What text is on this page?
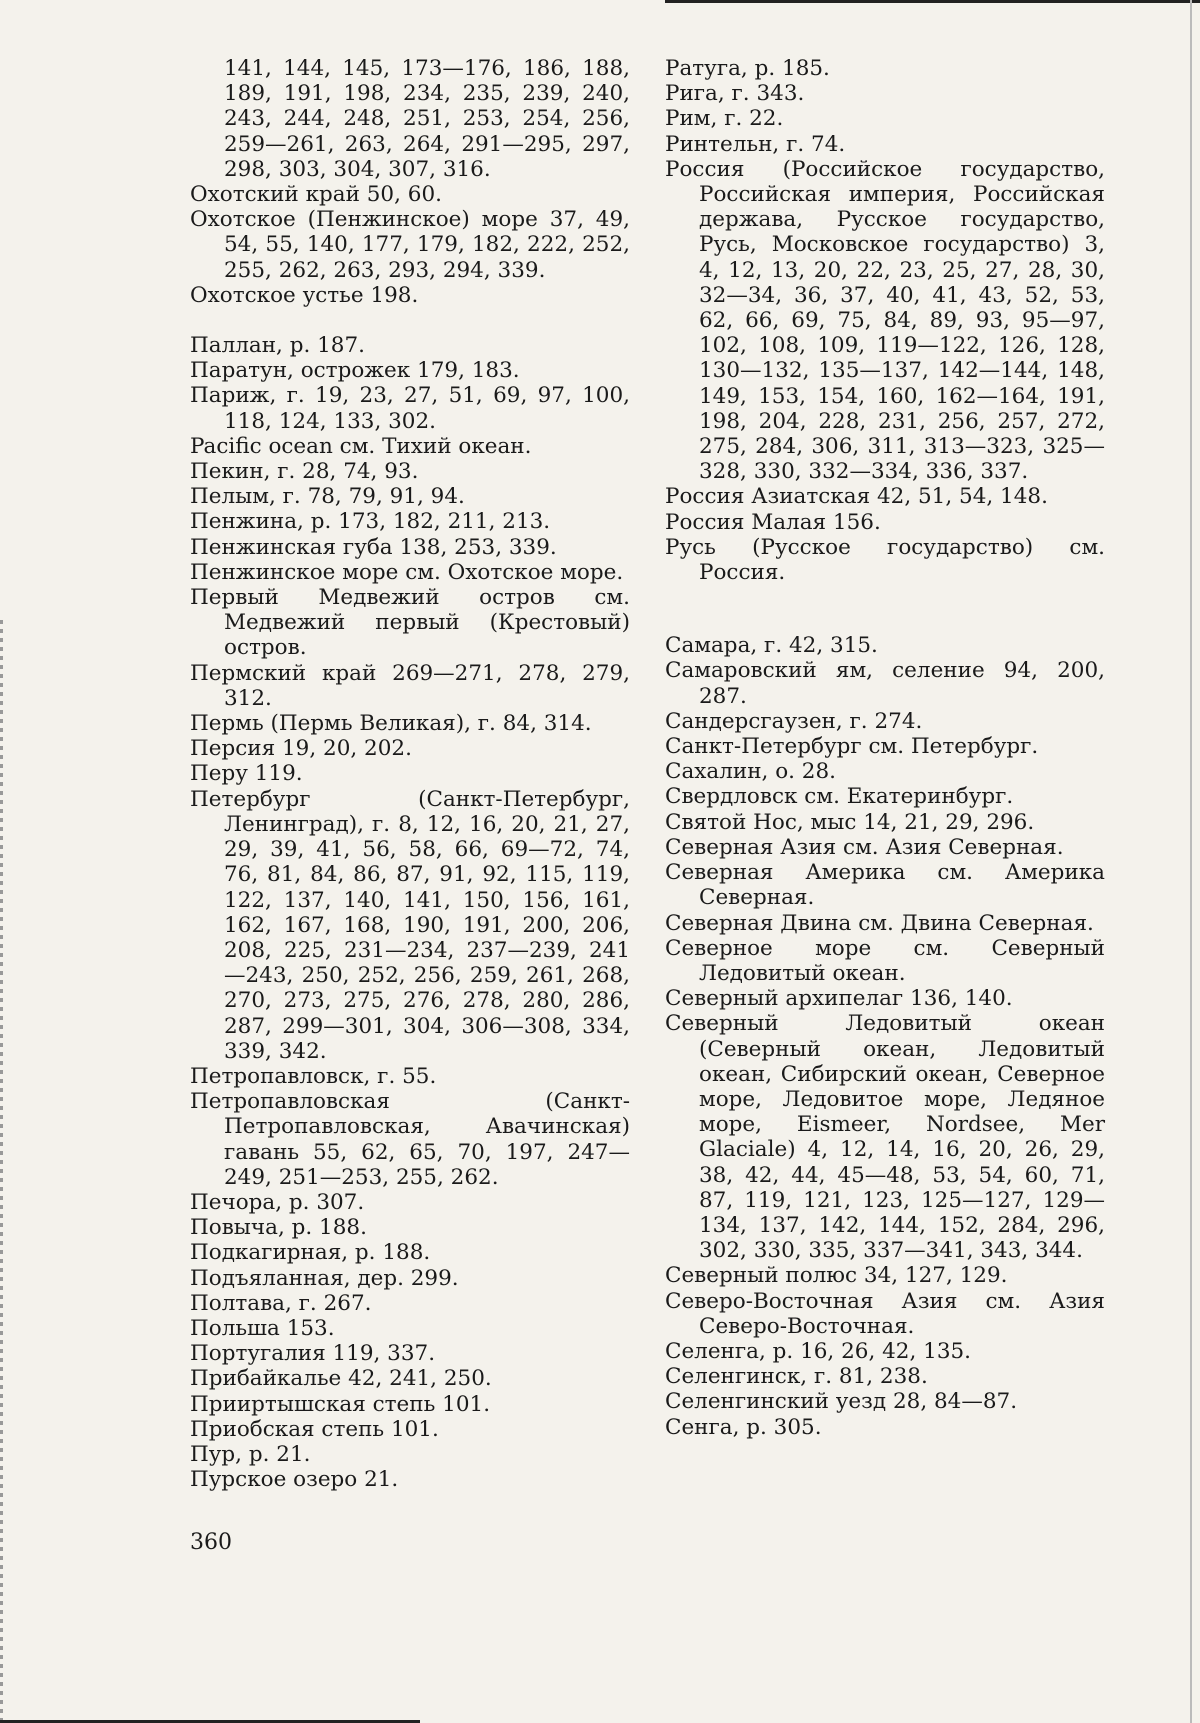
141, 144, 145, 173—176, 186, 188, 189, 191, 198, 234, 235, 239, 240, 243, 244, 248, 251, 253, 254, 256, 259—261, 263, 264, 291—295, 297, 298, 303, 304, 307, 316.
Охотский край 50, 60.
Охотское (Пенжинское) море 37, 49, 54, 55, 140, 177, 179, 182, 222, 252, 255, 262, 263, 293, 294, 339.
Охотское устье 198.
Паллан, р. 187.
Паратун, острожек 179, 183.
Париж, г. 19, 23, 27, 51, 69, 97, 100, 118, 124, 133, 302.
Pacific ocean см. Тихий океан.
Пекин, г. 28, 74, 93.
Пелым, г. 78, 79, 91, 94.
Пенжина, р. 173, 182, 211, 213.
Пенжинская губа 138, 253, 339.
Пенжинское море см. Охотское море.
Первый Медвежий остров см. Медвежий первый (Крестовый) остров.
Пермский край 269—271, 278, 279, 312.
Пермь (Пермь Великая), г. 84, 314.
Персия 19, 20, 202.
Перу 119.
Петербург (Санкт-Петербург, Ленинград), г. 8, 12, 16, 20, 21, 27, 29, 39, 41, 56, 58, 66, 69—72, 74, 76, 81, 84, 86, 87, 91, 92, 115, 119, 122, 137, 140, 141, 150, 156, 161, 162, 167, 168, 190, 191, 200, 206, 208, 225, 231—234, 237—239, 241—243, 250, 252, 256, 259, 261, 268, 270, 273, 275, 276, 278, 280, 286, 287, 299—301, 304, 306—308, 334, 339, 342.
Петропавловск, г. 55.
Петропавловская (Санкт-Петропавловская, Авачинская) гавань 55, 62, 65, 70, 197, 247—249, 251—253, 255, 262.
Печора, р. 307.
Повыча, р. 188.
Подкагирная, р. 188.
Подъяланная, дер. 299.
Полтава, г. 267.
Польша 153.
Португалия 119, 337.
Прибайкалье 42, 241, 250.
Прииртышская степь 101.
Приобская степь 101.
Пур, р. 21.
Пурское озеро 21.
Ратуга, р. 185.
Рига, г. 343.
Рим, г. 22.
Ринтельн, г. 74.
Россия (Российское государство, Российская империя, Российская держава, Русское государство, Русь, Московское государство) 3, 4, 12, 13, 20, 22, 23, 25, 27, 28, 30, 32—34, 36, 37, 40, 41, 43, 52, 53, 62, 66, 69, 75, 84, 89, 93, 95—97, 102, 108, 109, 119—122, 126, 128, 130—132, 135—137, 142—144, 148, 149, 153, 154, 160, 162—164, 191, 198, 204, 228, 231, 256, 257, 272, 275, 284, 306, 311, 313—323, 325—328, 330, 332—334, 336, 337.
Россия Азиатская 42, 51, 54, 148.
Россия Малая 156.
Русь (Русское государство) см. Россия.
Самара, г. 42, 315.
Самаровский ям, селение 94, 200, 287.
Сандерсгаузен, г. 274.
Санкт-Петербург см. Петербург.
Сахалин, о. 28.
Свердловск см. Екатеринбург.
Святой Нос, мыс 14, 21, 29, 296.
Северная Азия см. Азия Северная.
Северная Америка см. Америка Северная.
Северная Двина см. Двина Северная.
Северное море см. Северный Ледовитый океан.
Северный архипелаг 136, 140.
Северный Ледовитый океан (Северный океан, Ледовитый океан, Сибирский океан, Северное море, Ледовитое море, Ледяное море, Eismeer, Nordsee, Mer Glaciale) 4, 12, 14, 16, 20, 26, 29, 38, 42, 44, 45—48, 53, 54, 60, 71, 87, 119, 121, 123, 125—127, 129—134, 137, 142, 144, 152, 284, 296, 302, 330, 335, 337—341, 343, 344.
Северный полюс 34, 127, 129.
Северо-Восточная Азия см. Азия Северо-Восточная.
Селенга, р. 16, 26, 42, 135.
Селенгинск, г. 81, 238.
Селенгинский уезд 28, 84—87.
Сенга, р. 305.
360
